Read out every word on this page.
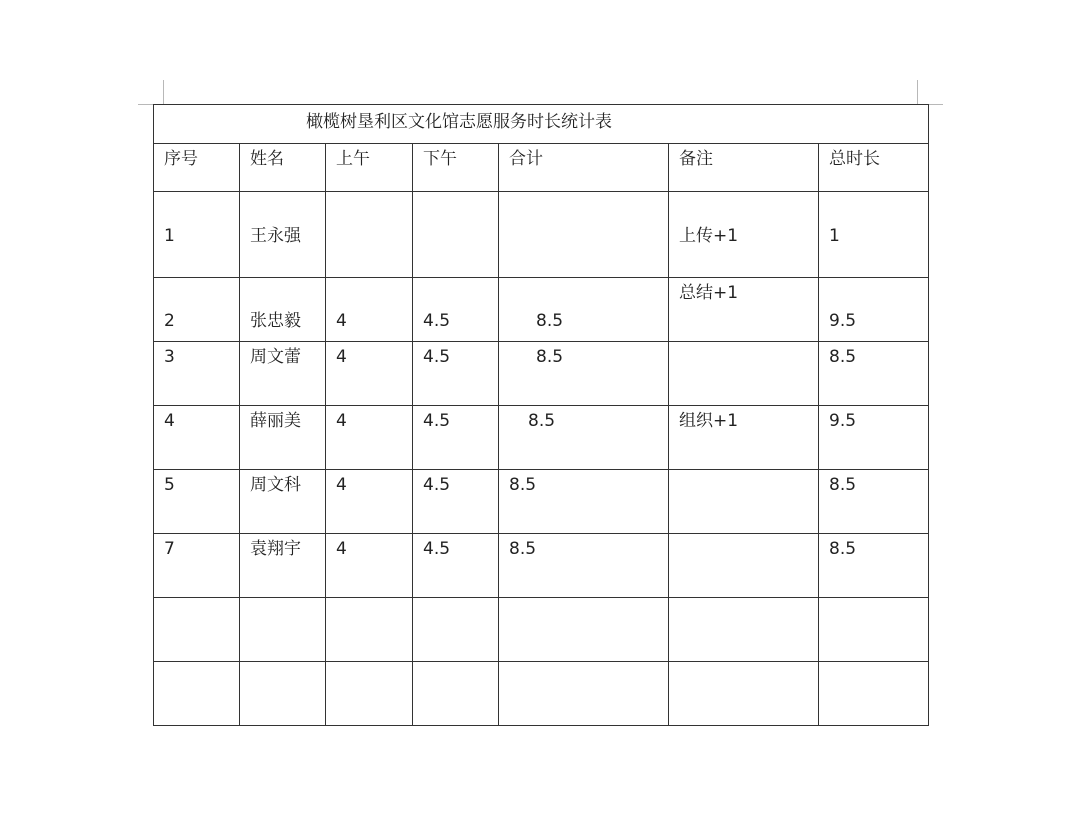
橄榄树垦利区文化馆志愿服务时长统计表						

序号	姓名	上午	下午	合计	备注	总时长

1	王永强				上传+1	1

2	张忠毅	4	4.5	8.5	总结+1	9.5

3	周文蕾	4	4.5	8.5		8.5

4	薛丽美	4	4.5	8.5	组织+1	9.5

5	周文科	4	4.5	8.5		8.5

7	袁翔宇	4	4.5	8.5		8.5
